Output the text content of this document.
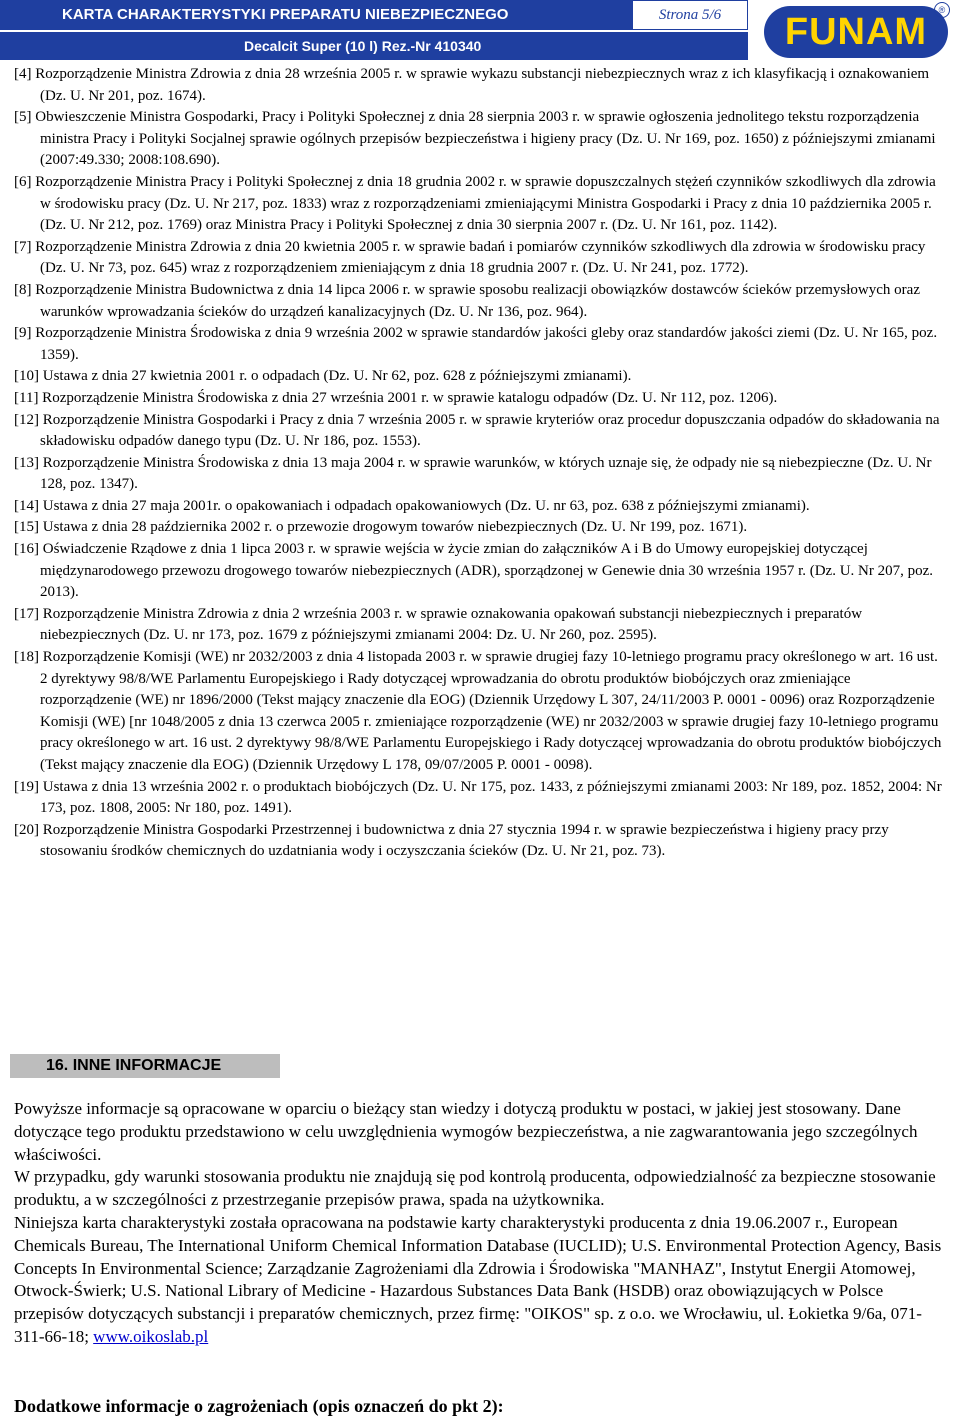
KARTA CHARAKTERYSTYKI PREPARATU NIEBEZPIECZNEGO	Strona 5/6
Decalcit Super (10 l) Rez.-Nr 410340	FUNAM
®
[4] Rozporządzenie Ministra Zdrowia z dnia 28 września 2005 r. w sprawie wykazu substancji niebezpiecznych wraz z ich klasyfikacją i oznakowaniem (Dz. U. Nr 201, poz. 1674).
[5] Obwieszczenie Ministra Gospodarki, Pracy i Polityki Społecznej z dnia 28 sierpnia 2003 r. w sprawie ogłoszenia jednolitego tekstu rozporządzenia ministra Pracy i Polityki Socjalnej sprawie ogólnych przepisów bezpieczeństwa i higieny pracy (Dz. U. Nr 169, poz. 1650) z późniejszymi zmianami (2007:49.330; 2008:108.690).
[6] Rozporządzenie Ministra Pracy i Polityki Społecznej z dnia 18 grudnia 2002 r. w sprawie dopuszczalnych stężeń czynników szkodliwych dla zdrowia w środowisku pracy (Dz. U. Nr 217, poz. 1833) wraz z rozporządzeniami zmieniającymi Ministra Gospodarki i Pracy z dnia 10 października 2005 r. (Dz. U. Nr 212, poz. 1769) oraz Ministra Pracy i Polityki Społecznej z dnia 30 sierpnia 2007 r. (Dz. U. Nr 161, poz. 1142).
[7] Rozporządzenie Ministra Zdrowia z dnia 20 kwietnia 2005 r. w sprawie badań i pomiarów czynników szkodliwych dla zdrowia w środowisku pracy (Dz. U. Nr 73, poz. 645) wraz z rozporządzeniem zmieniającym z dnia 18 grudnia 2007 r. (Dz. U. Nr 241, poz. 1772).
[8] Rozporządzenie Ministra Budownictwa z dnia 14 lipca 2006 r. w sprawie sposobu realizacji obowiązków dostawców ścieków przemysłowych oraz warunków wprowadzania ścieków do urządzeń kanalizacyjnych (Dz. U. Nr 136, poz. 964).
[9] Rozporządzenie Ministra Środowiska z dnia 9 września 2002 w sprawie standardów jakości gleby oraz standardów jakości ziemi (Dz. U. Nr 165, poz. 1359).
[10] Ustawa z dnia 27 kwietnia 2001 r. o odpadach (Dz. U. Nr 62, poz. 628 z późniejszymi zmianami).
[11] Rozporządzenie Ministra Środowiska z dnia 27 września 2001 r. w sprawie katalogu odpadów (Dz. U. Nr 112, poz. 1206).
[12] Rozporządzenie Ministra Gospodarki i Pracy z dnia 7 września 2005 r. w sprawie kryteriów oraz procedur dopuszczania odpadów do składowania na składowisku odpadów danego typu (Dz. U. Nr 186, poz. 1553).
[13] Rozporządzenie Ministra Środowiska z dnia 13 maja 2004 r. w sprawie warunków, w których uznaje się, że odpady nie są niebezpieczne (Dz. U. Nr 128, poz. 1347).
[14] Ustawa z dnia 27 maja 2001r. o opakowaniach i odpadach opakowaniowych (Dz. U. nr 63, poz. 638 z późniejszymi zmianami).
[15] Ustawa z dnia 28 października 2002 r. o przewozie drogowym towarów niebezpiecznych (Dz. U. Nr 199, poz. 1671).
[16] Oświadczenie Rządowe z dnia 1 lipca 2003 r. w sprawie wejścia w życie zmian do załączników A i B do Umowy europejskiej dotyczącej międzynarodowego przewozu drogowego towarów niebezpiecznych (ADR), sporządzonej w Genewie dnia 30 września 1957 r. (Dz. U. Nr 207, poz. 2013).
[17] Rozporządzenie Ministra Zdrowia z dnia 2 września 2003 r. w sprawie oznakowania opakowań substancji niebezpiecznych i preparatów niebezpiecznych (Dz. U. nr 173, poz. 1679 z późniejszymi zmianami 2004: Dz. U. Nr 260, poz. 2595).
[18] Rozporządzenie Komisji (WE) nr 2032/2003 z dnia 4 listopada 2003 r. w sprawie drugiej fazy 10-letniego programu pracy określonego w art. 16 ust. 2 dyrektywy 98/8/WE Parlamentu Europejskiego i Rady dotyczącej wprowadzania do obrotu produktów biobójczych oraz zmieniające rozporządzenie (WE) nr 1896/2000 (Tekst mający znaczenie dla EOG) (Dziennik Urzędowy L 307, 24/11/2003 P. 0001 - 0096) oraz Rozporządzenie Komisji (WE) [nr 1048/2005 z dnia 13 czerwca 2005 r. zmieniające rozporządzenie (WE) nr 2032/2003 w sprawie drugiej fazy 10-letniego programu pracy określonego w art. 16 ust. 2 dyrektywy 98/8/WE Parlamentu Europejskiego i Rady dotyczącej wprowadzania do obrotu produktów biobójczych (Tekst mający znaczenie dla EOG) (Dziennik Urzędowy L 178, 09/07/2005 P. 0001 - 0098).
[19] Ustawa z dnia 13 września 2002 r. o produktach biobójczych (Dz. U. Nr 175, poz. 1433, z późniejszymi zmianami 2003: Nr 189, poz. 1852, 2004: Nr 173, poz. 1808, 2005: Nr 180, poz. 1491).
[20] Rozporządzenie Ministra Gospodarki Przestrzennej i budownictwa z dnia 27 stycznia 1994 r. w sprawie bezpieczeństwa i higieny pracy przy stosowaniu środków chemicznych do uzdatniania wody i oczyszczania ścieków (Dz. U. Nr 21, poz. 73).
16. INNE INFORMACJE

Powyższe informacje są opracowane w oparciu o bieżący stan wiedzy i dotyczą produktu w postaci, w jakiej jest stosowany. Dane dotyczące tego produktu przedstawiono w celu uwzględnienia wymogów bezpieczeństwa, a nie zagwarantowania jego szczególnych właściwości.

W przypadku, gdy warunki stosowania produktu nie znajdują się pod kontrolą producenta, odpowiedzialność za bezpieczne stosowanie produktu, a w szczególności z przestrzeganie przepisów prawa, spada na użytkownika.

Niniejsza karta charakterystyki została opracowana na podstawie karty charakterystyki producenta z dnia 19.06.2007 r., European Chemicals Bureau, The International Uniform Chemical Information Database (IUCLID); U.S. Environmental Protection Agency, Basis Concepts In Environmental Science; Zarządzanie Zagrożeniami dla Zdrowia i Środowiska "MANHAZ", Instytut Energii Atomowej, Otwock-Świerk; U.S. National Library of Medicine - Hazardous Substances Data Bank (HSDB) oraz obowiązujących w Polsce przepisów dotyczących substancji i preparatów chemicznych, przez firmę: "OIKOS" sp. z o.o. we Wrocławiu, ul. Łokietka 9/6a, 071-311-66-18; www.oikoslab.pl

Dodatkowe informacje o zagrożeniach (opis oznaczeń do pkt 2):
